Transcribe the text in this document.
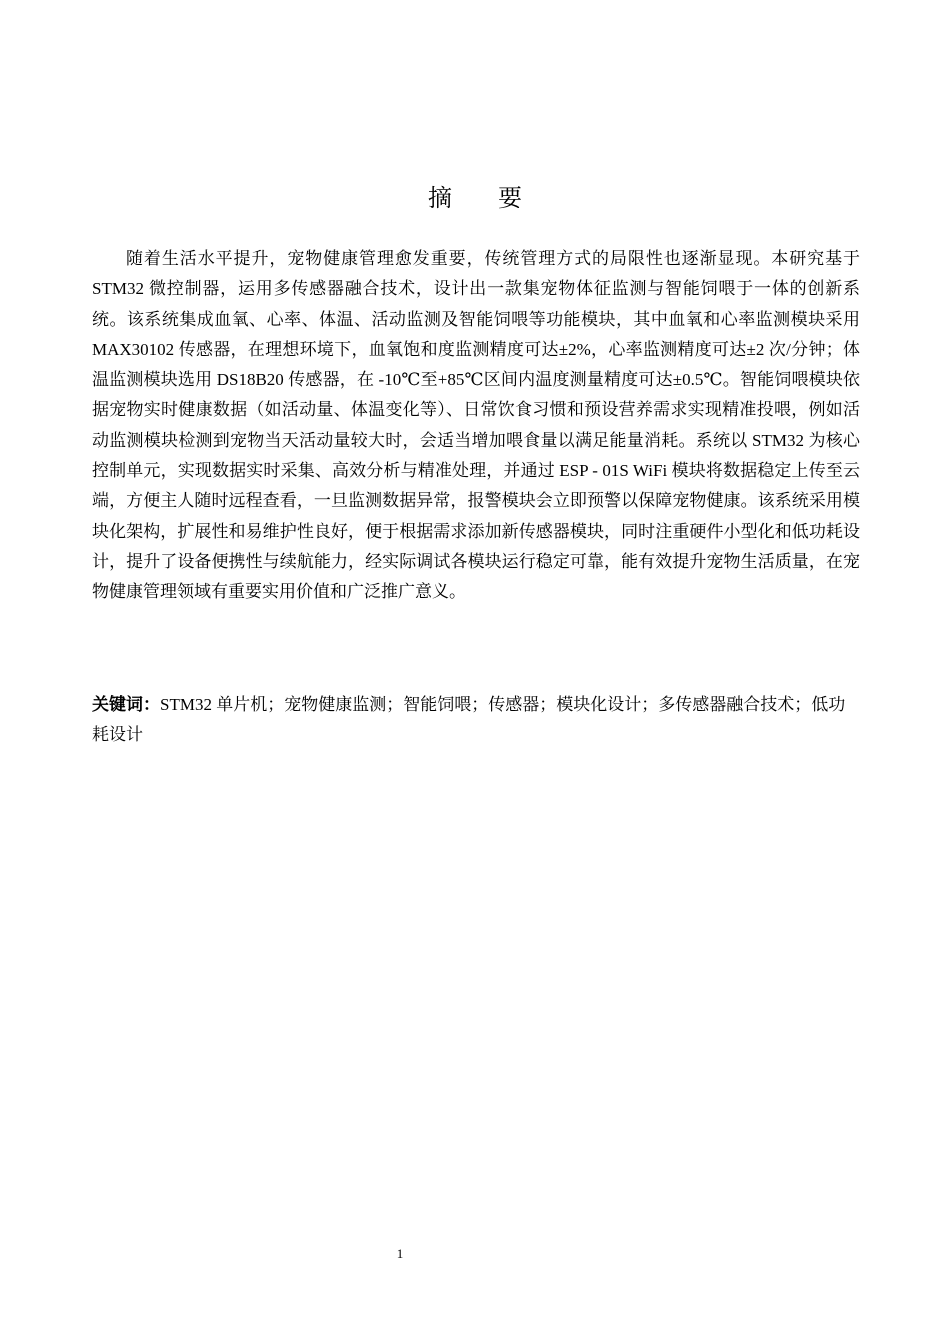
摘 要

随着生活水平提升，宠物健康管理愈发重要，传统管理方式的局限性也逐渐显现。本研究基于 STM32 微控制器，运用多传感器融合技术，设计出一款集宠物体征监测与智能饲喂于一体的创新系统。该系统集成血氧、心率、体温、活动监测及智能饲喂等功能模块，其中血氧和心率监测模块采用 MAX30102 传感器，在理想环境下，血氧饱和度监测精度可达±2%，心率监测精度可达±2 次/分钟；体温监测模块选用 DS18B20 传感器，在 -10℃至+85℃区间内温度测量精度可达±0.5℃。智能饲喂模块依据宠物实时健康数据（如活动量、体温变化等）、日常饮食习惯和预设营养需求实现精准投喂，例如活动监测模块检测到宠物当天活动量较大时，会适当增加喂食量以满足能量消耗。系统以 STM32 为核心控制单元，实现数据实时采集、高效分析与精准处理，并通过 ESP - 01S WiFi 模块将数据稳定上传至云端，方便主人随时远程查看，一旦监测数据异常，报警模块会立即预警以保障宠物健康。该系统采用模块化架构，扩展性和易维护性良好，便于根据需求添加新传感器模块，同时注重硬件小型化和低功耗设计，提升了设备便携性与续航能力，经实际调试各模块运行稳定可靠，能有效提升宠物生活质量，在宠物健康管理领域有重要实用价值和广泛推广意义。

关键词：STM32 单片机；宠物健康监测；智能饲喂；传感器；模块化设计；多传感器融合技术；低功耗设计

1
